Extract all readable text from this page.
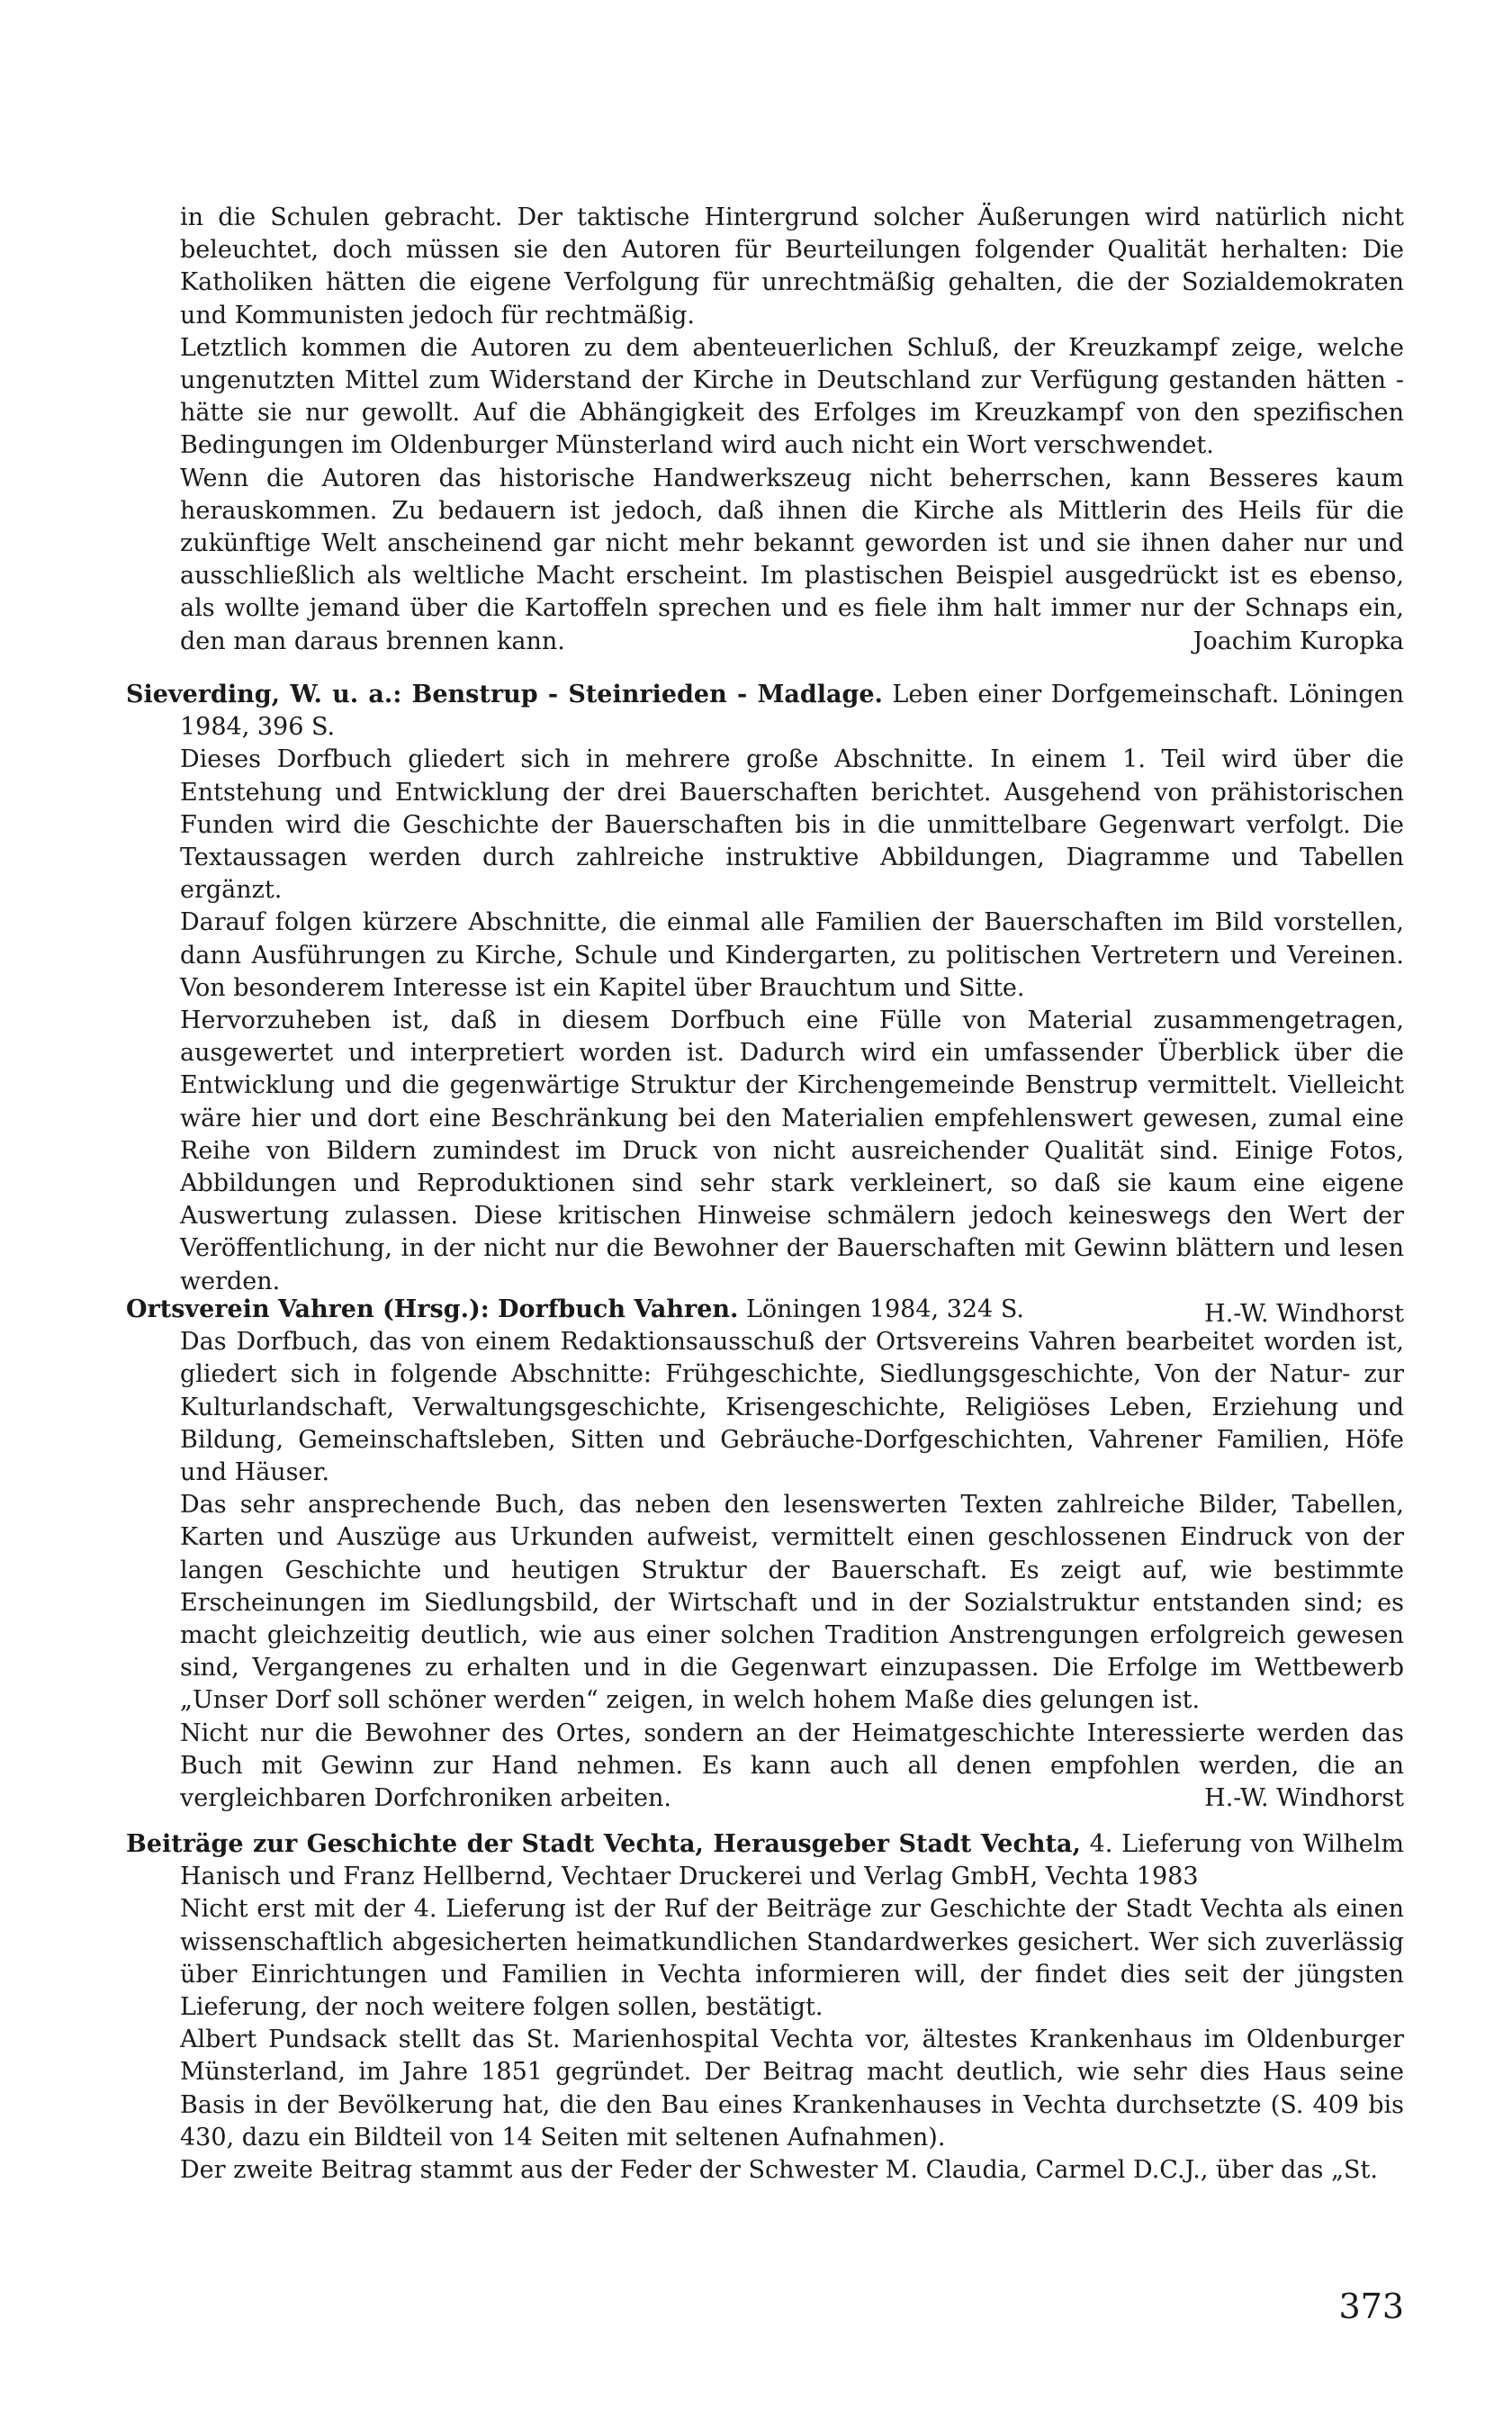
in die Schulen gebracht. Der taktische Hintergrund solcher Äußerungen wird natürlich nicht beleuchtet, doch müssen sie den Autoren für Beurteilungen folgender Qualität herhalten: Die Katholiken hätten die eigene Verfolgung für unrechtmäßig gehalten, die der Sozialdemokraten und Kommunisten jedoch für rechtmäßig.

Letztlich kommen die Autoren zu dem abenteuerlichen Schluß, der Kreuzkampf zeige, welche ungenutzten Mittel zum Widerstand der Kirche in Deutschland zur Verfügung gestanden hätten - hätte sie nur gewollt. Auf die Abhängigkeit des Erfolges im Kreuzkampf von den spezifischen Bedingungen im Oldenburger Münsterland wird auch nicht ein Wort verschwendet.

Wenn die Autoren das historische Handwerkszeug nicht beherrschen, kann Besseres kaum herauskommen. Zu bedauern ist jedoch, daß ihnen die Kirche als Mittlerin des Heils für die zukünftige Welt anscheinend gar nicht mehr bekannt geworden ist und sie ihnen daher nur und ausschließlich als weltliche Macht erscheint. Im plastischen Beispiel ausgedrückt ist es ebenso, als wollte jemand über die Kartoffeln sprechen und es fiele ihm halt immer nur der Schnaps ein, den man daraus brennen kann.	Joachim Kuropka

Sieverding, W. u. a.: Benstrup - Steinrieden - Madlage. Leben einer Dorfgemeinschaft. Löningen 1984, 396 S.

Dieses Dorfbuch gliedert sich in mehrere große Abschnitte. In einem 1. Teil wird über die Entstehung und Entwicklung der drei Bauerschaften berichtet. Ausgehend von prähistorischen Funden wird die Geschichte der Bauerschaften bis in die unmittelbare Gegenwart verfolgt. Die Textaussagen werden durch zahlreiche instruktive Abbildungen, Diagramme und Tabellen ergänzt.

Darauf folgen kürzere Abschnitte, die einmal alle Familien der Bauerschaften im Bild vorstellen, dann Ausführungen zu Kirche, Schule und Kindergarten, zu politischen Vertretern und Vereinen. Von besonderem Interesse ist ein Kapitel über Brauchtum und Sitte.

Hervorzuheben ist, daß in diesem Dorfbuch eine Fülle von Material zusammengetragen, ausgewertet und interpretiert worden ist. Dadurch wird ein umfassender Überblick über die Entwicklung und die gegenwärtige Struktur der Kirchengemeinde Benstrup vermittelt. Vielleicht wäre hier und dort eine Beschränkung bei den Materialien empfehlenswert gewesen, zumal eine Reihe von Bildern zumindest im Druck von nicht ausreichender Qualität sind. Einige Fotos, Abbildungen und Reproduktionen sind sehr stark verkleinert, so daß sie kaum eine eigene Auswertung zulassen. Diese kritischen Hinweise schmälern jedoch keineswegs den Wert der Veröffentlichung, in der nicht nur die Bewohner der Bauerschaften mit Gewinn blättern und lesen werden.

H.-W. Windhorst

Ortsverein Vahren (Hrsg.): Dorfbuch Vahren. Löningen 1984, 324 S.

Das Dorfbuch, das von einem Redaktionsausschuß der Ortsvereins Vahren bearbeitet worden ist, gliedert sich in folgende Abschnitte: Frühgeschichte, Siedlungsgeschichte, Von der Natur- zur Kulturlandschaft, Verwaltungsgeschichte, Krisengeschichte, Religiöses Leben, Erziehung und Bildung, Gemeinschaftsleben, Sitten und Gebräuche-Dorfgeschichten, Vahrener Familien, Höfe und Häuser.

Das sehr ansprechende Buch, das neben den lesenswerten Texten zahlreiche Bilder, Tabellen, Karten und Auszüge aus Urkunden aufweist, vermittelt einen geschlossenen Eindruck von der langen Geschichte und heutigen Struktur der Bauerschaft. Es zeigt auf, wie bestimmte Erscheinungen im Siedlungsbild, der Wirtschaft und in der Sozialstruktur entstanden sind; es macht gleichzeitig deutlich, wie aus einer solchen Tradition Anstrengungen erfolgreich gewesen sind, Vergangenes zu erhalten und in die Gegenwart einzupassen. Die Erfolge im Wettbewerb „Unser Dorf soll schöner werden“ zeigen, in welch hohem Maße dies gelungen ist.

Nicht nur die Bewohner des Ortes, sondern an der Heimatgeschichte Interessierte werden das Buch mit Gewinn zur Hand nehmen. Es kann auch all denen empfohlen werden, die an vergleichbaren Dorfchroniken arbeiten.	H.-W. Windhorst

Beiträge zur Geschichte der Stadt Vechta, Herausgeber Stadt Vechta, 4. Lieferung von Wilhelm Hanisch und Franz Hellbernd, Vechtaer Druckerei und Verlag GmbH, Vechta 1983

Nicht erst mit der 4. Lieferung ist der Ruf der Beiträge zur Geschichte der Stadt Vechta als einen wissenschaftlich abgesicherten heimatkundlichen Standardwerkes gesichert. Wer sich zuverlässig über Einrichtungen und Familien in Vechta informieren will, der findet dies seit der jüngsten Lieferung, der noch weitere folgen sollen, bestätigt.

Albert Pundsack stellt das St. Marienhospital Vechta vor, ältestes Krankenhaus im Oldenburger Münsterland, im Jahre 1851 gegründet. Der Beitrag macht deutlich, wie sehr dies Haus seine Basis in der Bevölkerung hat, die den Bau eines Krankenhauses in Vechta durchsetzte (S. 409 bis 430, dazu ein Bildteil von 14 Seiten mit seltenen Aufnahmen).

Der zweite Beitrag stammt aus der Feder der Schwester M. Claudia, Carmel D.C.J., über das „St.

373
